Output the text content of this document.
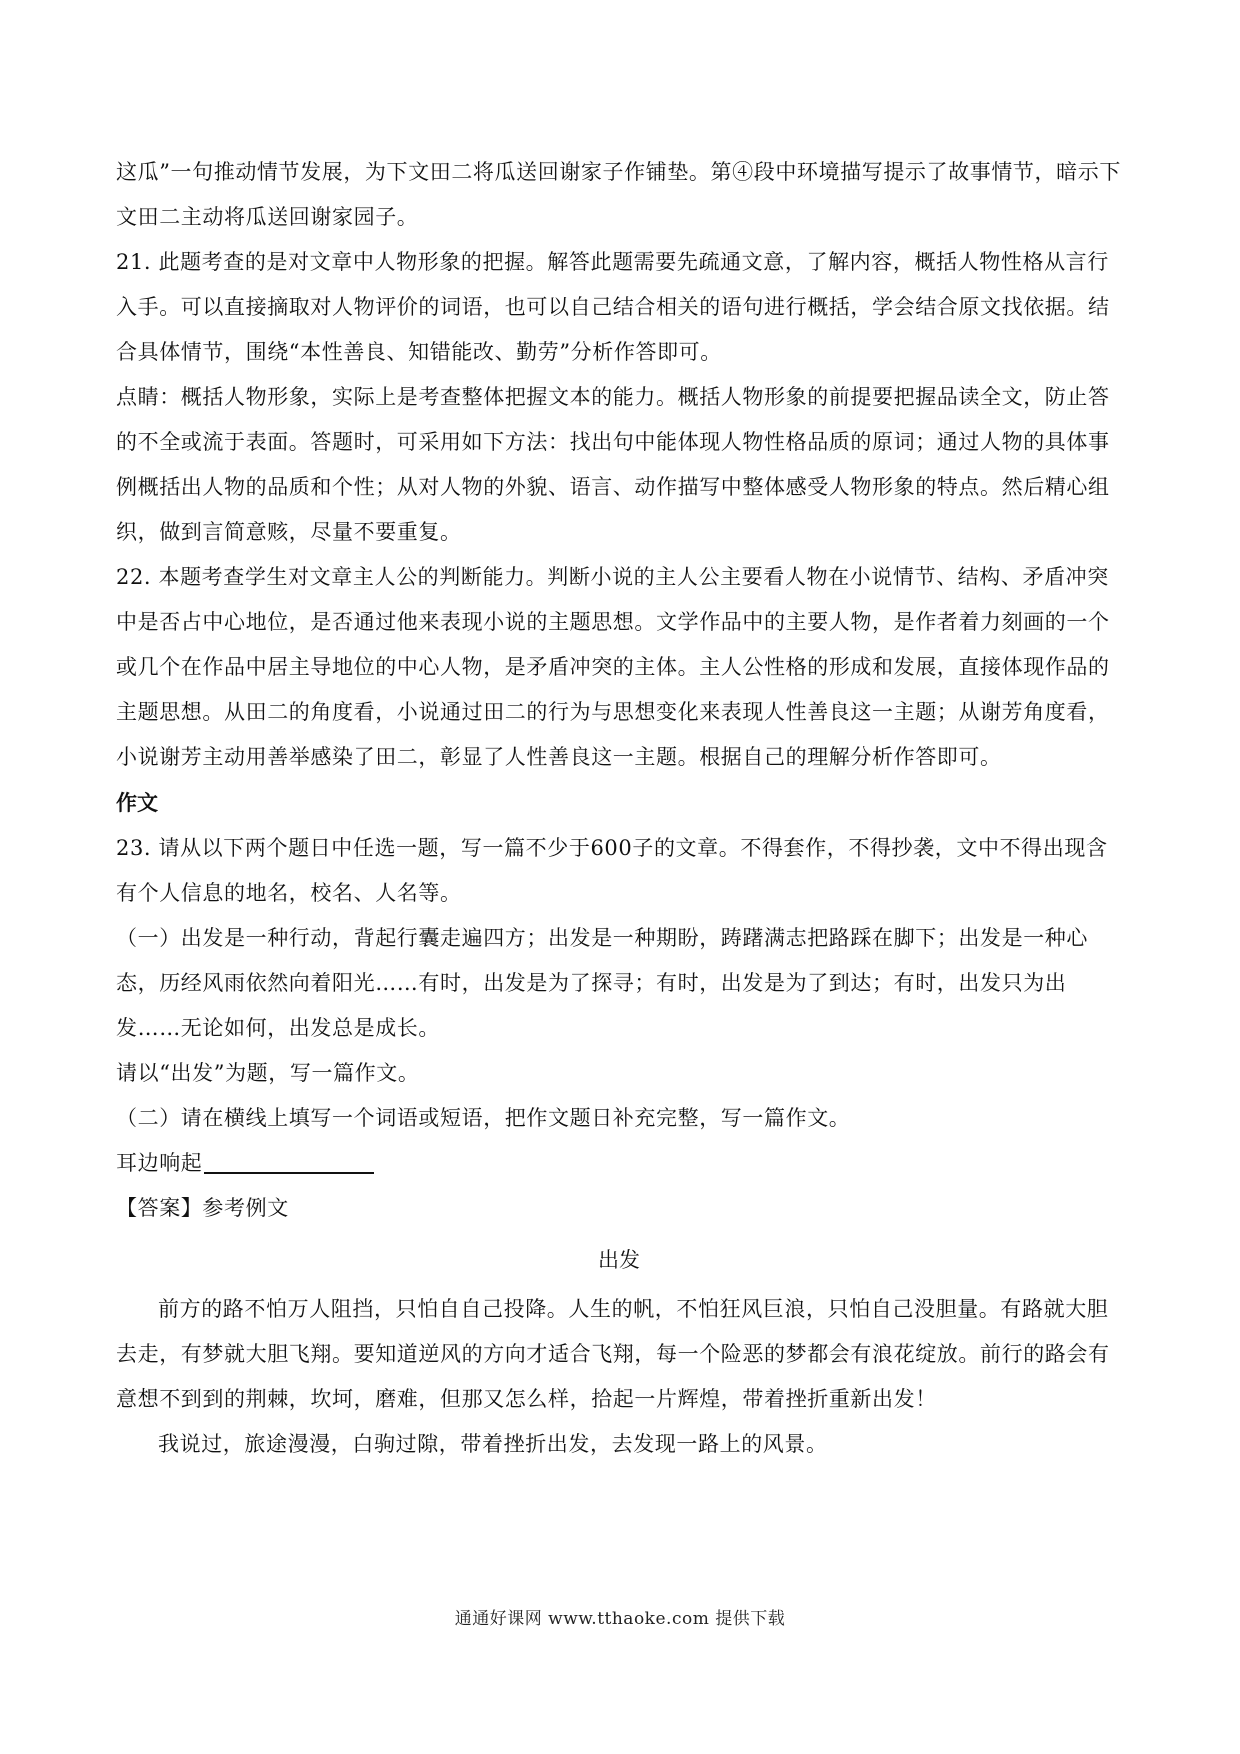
这瓜”一句推动情节发展，为下文田二将瓜送回谢家子作铺垫。第④段中环境描写提示了故事情节，暗示下文田二主动将瓜送回谢家园子。

21. 此题考查的是对文章中人物形象的把握。解答此题需要先疏通文意，了解内容，概括人物性格从言行入手。可以直接摘取对人物评价的词语，也可以自己结合相关的语句进行概括，学会结合原文找依据。结合具体情节，围绕“本性善良、知错能改、勤劳”分析作答即可。

点睛：概括人物形象，实际上是考查整体把握文本的能力。概括人物形象的前提要把握品读全文，防止答的不全或流于表面。答题时，可采用如下方法：找出句中能体现人物性格品质的原词；通过人物的具体事例概括出人物的品质和个性；从对人物的外貌、语言、动作描写中整体感受人物形象的特点。然后精心组织，做到言简意赅，尽量不要重复。

22. 本题考查学生对文章主人公的判断能力。判断小说的主人公主要看人物在小说情节、结构、矛盾冲突中是否占中心地位，是否通过他来表现小说的主题思想。文学作品中的主要人物，是作者着力刻画的一个或几个在作品中居主导地位的中心人物，是矛盾冲突的主体。主人公性格的形成和发展，直接体现作品的主题思想。从田二的角度看，小说通过田二的行为与思想变化来表现人性善良这一主题；从谢芳角度看，小说谢芳主动用善举感染了田二，彰显了人性善良这一主题。根据自己的理解分析作答即可。

作文

23. 请从以下两个题日中任选一题，写一篇不少于600子的文章。不得套作，不得抄袭，文中不得出现含有个人信息的地名，校名、人名等。

（一）出发是一种行动，背起行囊走遍四方；出发是一种期盼，踌躇满志把路踩在脚下；出发是一种心态，历经风雨依然向着阳光……有时，出发是为了探寻；有时，出发是为了到达；有时，出发只为出发……无论如何，出发总是成长。

请以“出发”为题，写一篇作文。

（二）请在横线上填写一个词语或短语，把作文题日补充完整，写一篇作文。

耳边响起

【答案】参考例文

出发

前方的路不怕万人阻挡，只怕自自己投降。人生的帆，不怕狂风巨浪，只怕自己没胆量。有路就大胆去走，有梦就大胆飞翔。要知道逆风的方向才适合飞翔，每一个险恶的梦都会有浪花绽放。前行的路会有意想不到到的荆棘，坎坷，磨难，但那又怎么样，拾起一片辉煌，带着挫折重新出发！

我说过，旅途漫漫，白驹过隙，带着挫折出发，去发现一路上的风景。

通通好课网 www.tthaoke.com 提供下载
